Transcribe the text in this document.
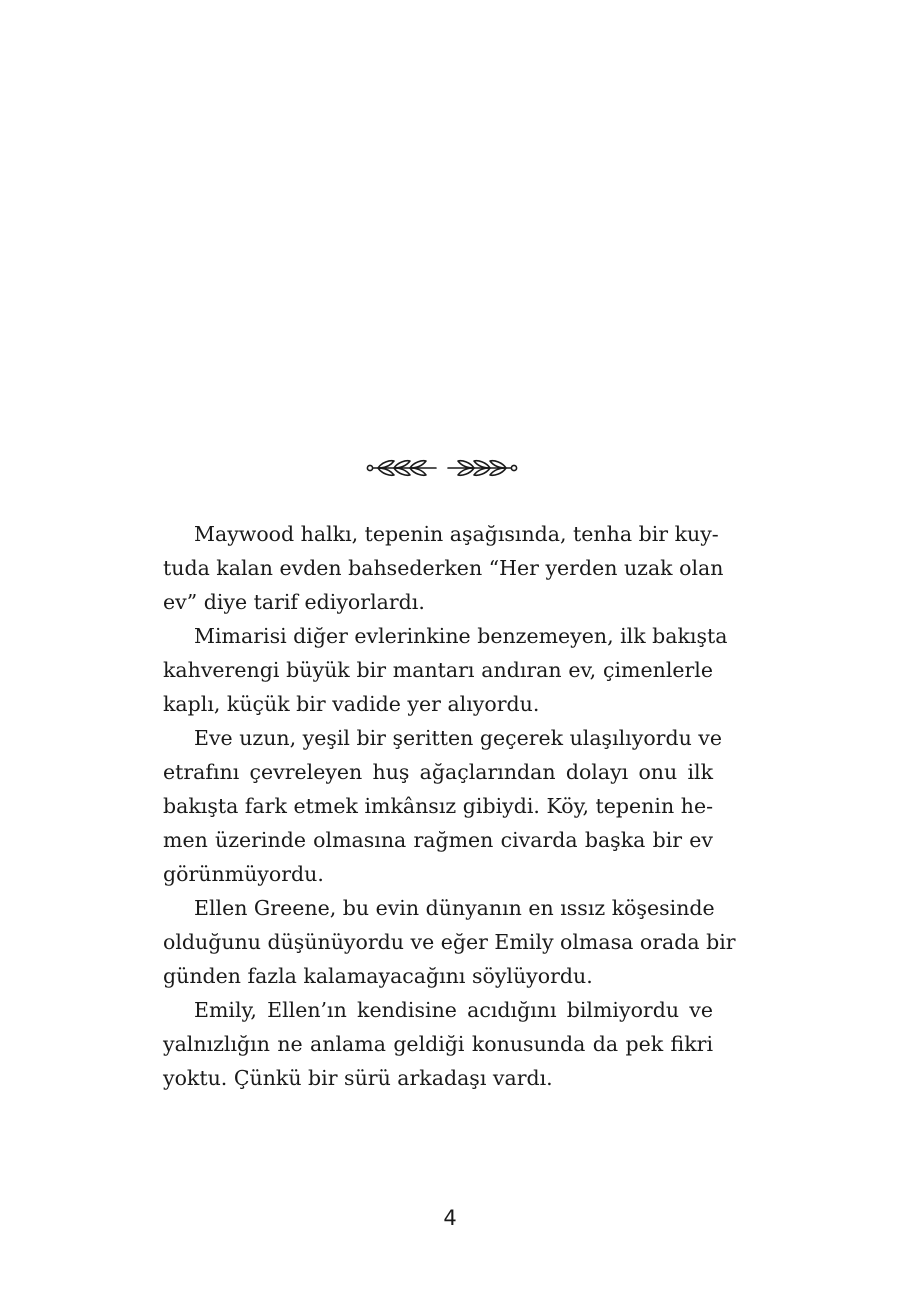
Maywood halkı, tepenin aşağısında, tenha bir kuy-
tuda kalan evden bahsederken “Her yerden uzak olan
ev” diye tarif ediyorlardı.
Mimarisi diğer evlerinkine benzemeyen, ilk bakışta
kahverengi büyük bir mantarı andıran ev, çimenlerle
kaplı, küçük bir vadide yer alıyordu.
Eve uzun, yeşil bir şeritten geçerek ulaşılıyordu ve
etrafını çevreleyen huş ağaçlarından dolayı onu ilk
bakışta fark etmek imkânsız gibiydi. Köy, tepenin he-
men üzerinde olmasına rağmen civarda başka bir ev
görünmüyordu.
Ellen Greene, bu evin dünyanın en ıssız köşesinde
olduğunu düşünüyordu ve eğer Emily olmasa orada bir
günden fazla kalamayacağını söylüyordu.
Emily, Ellen’ın kendisine acıdığını bilmiyordu ve
yalnızlığın ne anlama geldiği konusunda da pek fikri
yoktu. Çünkü bir sürü arkadaşı vardı.
4
